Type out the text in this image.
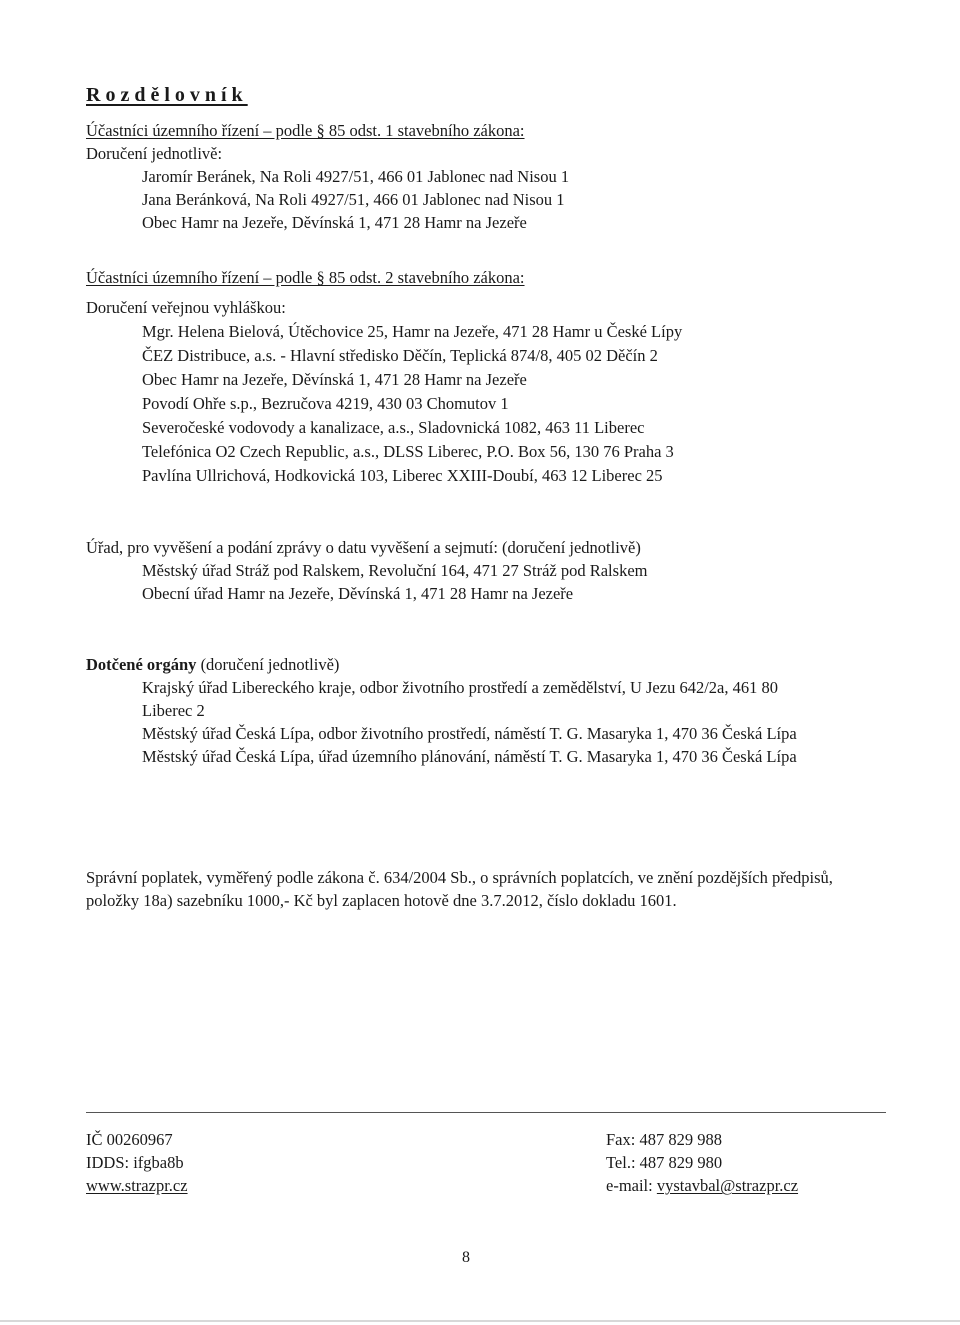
Rozdělovník
Účastníci územního řízení – podle § 85 odst. 1 stavebního zákona:
Doručení jednotlivě:
Jaromír Beránek, Na Roli 4927/51, 466 01 Jablonec nad Nisou 1
Jana Beránková, Na Roli 4927/51, 466 01 Jablonec nad Nisou 1
Obec Hamr na Jezeře, Děvínská 1, 471 28 Hamr na Jezeře
Účastníci územního řízení – podle § 85 odst. 2 stavebního zákona:
Doručení veřejnou vyhláškou:
Mgr. Helena Bielová, Útěchovice 25, Hamr na Jezeře, 471 28 Hamr u České Lípy
ČEZ Distribuce, a.s. - Hlavní středisko Děčín, Teplická 874/8, 405 02 Děčín 2
Obec Hamr na Jezeře, Děvínská 1, 471 28 Hamr na Jezeře
Povodí Ohře s.p., Bezručova 4219, 430 03 Chomutov 1
Severočeské vodovody a kanalizace, a.s., Sladovnická 1082, 463 11 Liberec
Telefónica O2 Czech Republic, a.s., DLSS Liberec, P.O. Box 56, 130 76 Praha 3
Pavlína Ullrichová, Hodkovická 103, Liberec XXIII-Doubí, 463 12 Liberec 25
Úřad, pro vyvěšení a podání zprávy o datu vyvěšení a sejmutí: (doručení jednotlivě)
Městský úřad Stráž pod Ralskem, Revoluční 164, 471 27 Stráž pod Ralskem
Obecní úřad Hamr na Jezeře, Děvínská 1, 471 28 Hamr na Jezeře
Dotčené orgány (doručení jednotlivě)
Krajský úřad Libereckého kraje, odbor životního prostředí a zemědělství, U Jezu 642/2a, 461 80
Liberec 2
Městský úřad Česká Lípa, odbor životního prostředí, náměstí T. G. Masaryka 1, 470 36 Česká Lípa
Městský úřad Česká Lípa, úřad územního plánování, náměstí T. G. Masaryka 1, 470 36 Česká Lípa
Správní poplatek, vyměřený podle zákona č. 634/2004 Sb., o správních poplatcích, ve znění pozdějších předpisů, položky 18a) sazebníku 1000,- Kč byl zaplacen hotově dne 3.7.2012, číslo dokladu 1601.
IČ 00260967
IDDS: ifgba8b
www.strazpr.cz
Fax: 487 829 988
Tel.: 487 829 980
e-mail: vystavbal@strazpr.cz
8
